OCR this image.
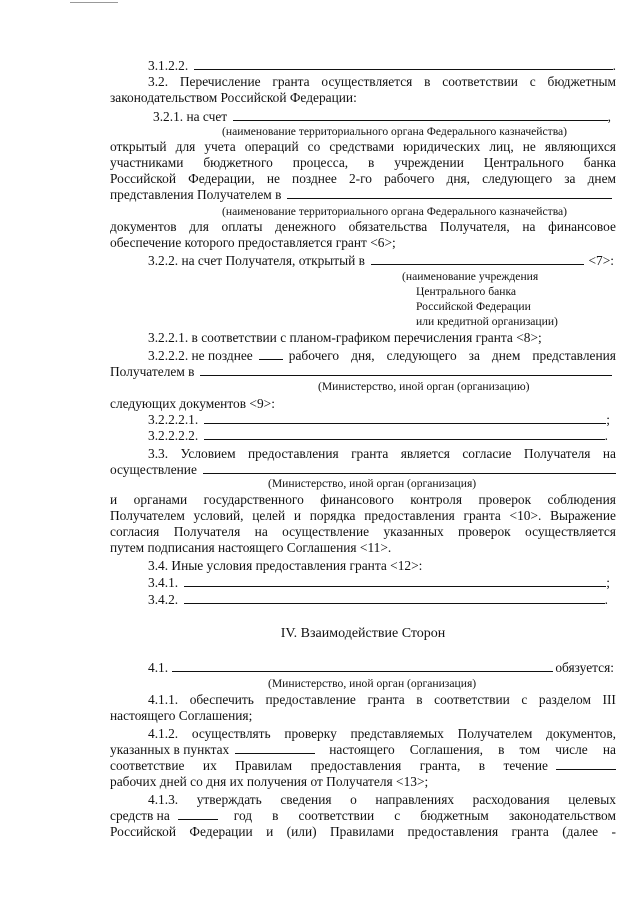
3.1.2.2.	.
3.2. Перечисление гранта осуществляется в соответствии с бюджетным
законодательством Российской Федерации:
3.2.1. на счет	,
(наименование территориального органа Федерального казначейства)
открытый для учета операций со средствами юридических лиц, не являющихся
участниками бюджетного процесса, в учреждении Центрального банка
Российской Федерации, не позднее 2-го рабочего дня, следующего за днем
представления Получателем в
(наименование территориального органа Федерального казначейства)
документов для оплаты денежного обязательства Получателя, на финансовое
обеспечение которого предоставляется грант <6>;
3.2.2. на счет Получателя, открытый в	<7>:
(наименование учреждения
Центрального банка
Российской Федерации
или кредитной организации)
3.2.2.1. в соответствии с планом-графиком перечисления гранта <8>;
3.2.2.2. не позднее	рабочего дня, следующего за днем представления
Получателем в
(Министерство, иной орган (организацию)
следующих документов <9>:
3.2.2.2.1.	;
3.2.2.2.2.	.
3.3. Условием предоставления гранта является согласие Получателя на
осуществление
(Министерство, иной орган (организация)
и органами государственного финансового контроля проверок соблюдения
Получателем условий, целей и порядка предоставления гранта <10>. Выражение
согласия Получателя на осуществление указанных проверок осуществляется
путем подписания настоящего Соглашения <11>.
3.4. Иные условия предоставления гранта <12>:
3.4.1.	;
3.4.2.	.
IV. Взаимодействие Сторон
4.1.	обязуется:
(Министерство, иной орган (организация)
4.1.1. обеспечить предоставление гранта в соответствии с разделом III
настоящего Соглашения;
4.1.2. осуществлять проверку представляемых Получателем документов,
указанных в пунктах	настоящего Соглашения, в том числе на
соответствие их Правилам предоставления гранта, в течение
рабочих дней со дня их получения от Получателя <13>;
4.1.3. утверждать сведения о направлениях расходования целевых
средств на	год в соответствии с бюджетным законодательством
Российской Федерации и (или) Правилами предоставления гранта (далее -
